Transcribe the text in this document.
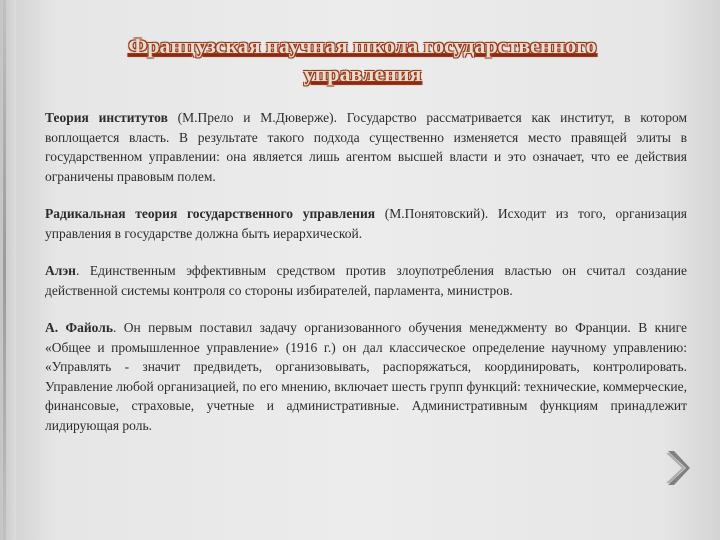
Французская научная школа государственного управления

Теория институтов (М.Прело и М.Дюверже). Государство рассматривается как институт, в котором воплощается власть. В результате такого подхода существенно изменяется место правящей элиты в государственном управлении: она является лишь агентом высшей власти и это означает, что ее действия ограничены правовым полем.

Радикальная теория государственного управления (М.Понятовский). Исходит из того, организация управления в государстве должна быть иерархической.

Алэн. Единственным эффективным средством против злоупотребления властью он считал создание действенной системы контроля со стороны избирателей, парламента, министров.

А. Файоль. Он первым поставил задачу организованного обучения менеджменту во Франции. В книге «Общее и промышленное управление» (1916 г.) он дал классическое определение научному управлению: «Управлять - значит предвидеть, организовывать, распоряжаться, координировать, контролировать. Управление любой организацией, по его мнению, включает шесть групп функций: технические, коммерческие, финансовые, страховые, учетные и административные. Административным функциям принадлежит лидирующая роль.
